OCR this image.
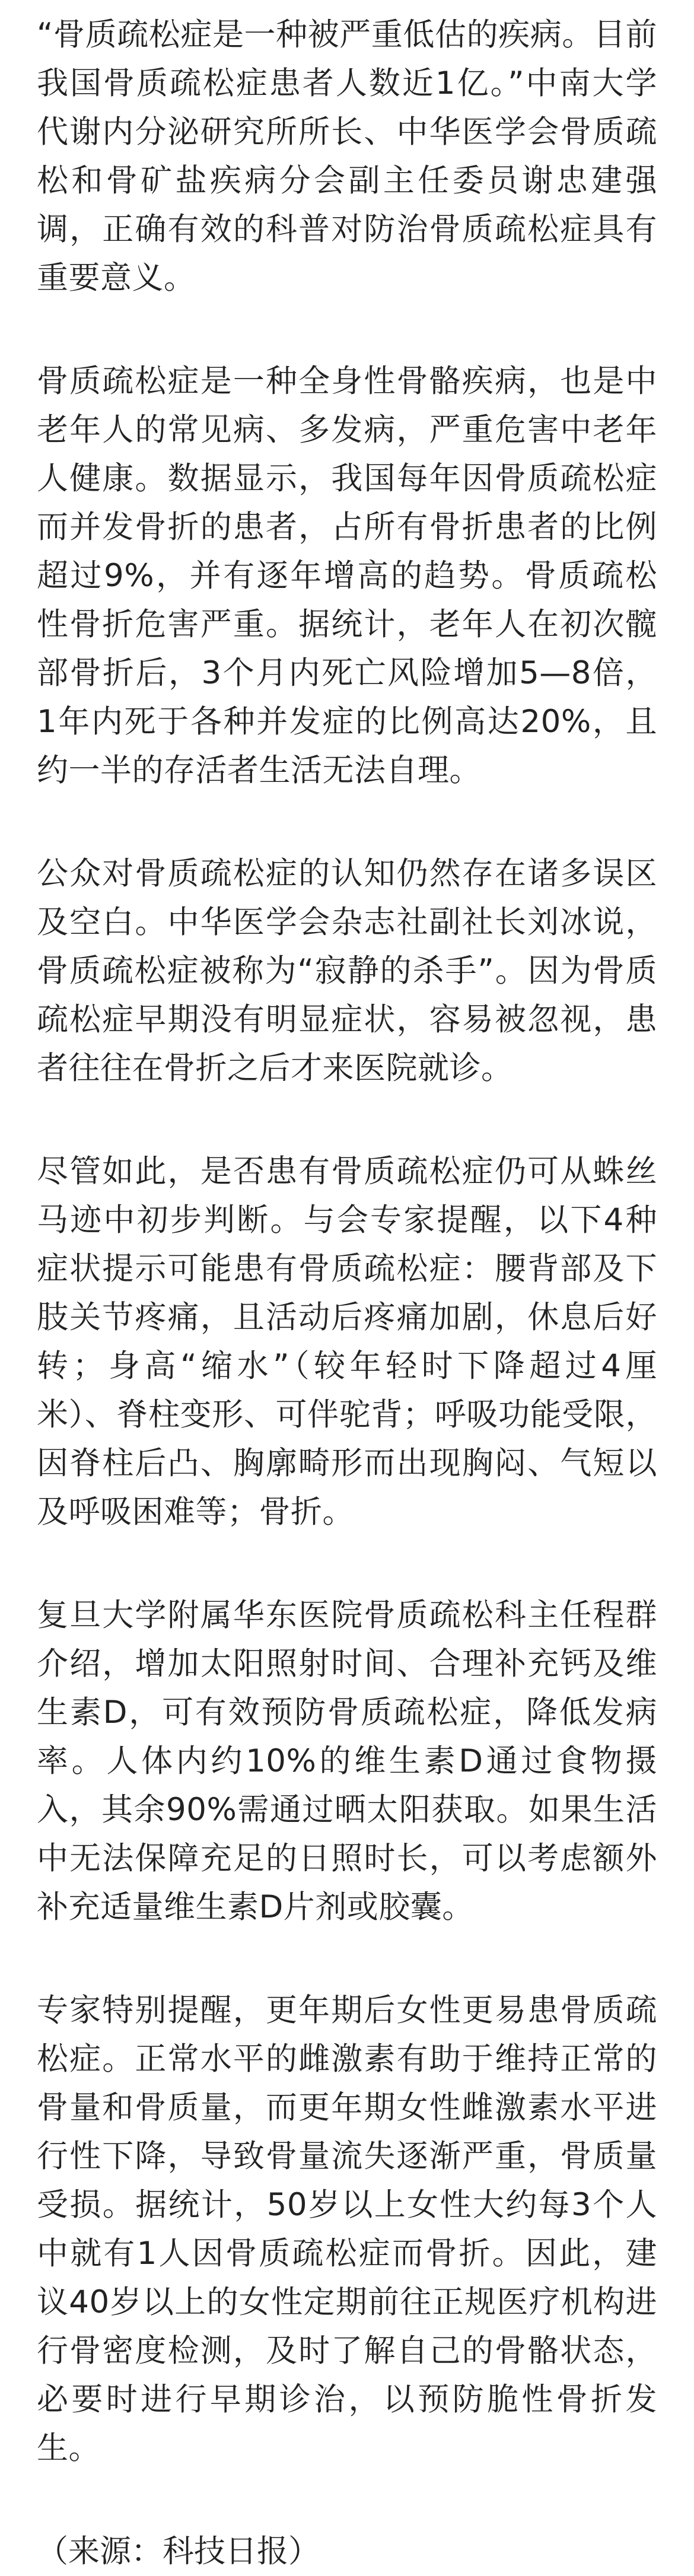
“骨质疏松症是一种被严重低估的疾病。目前我国骨质疏松症患者人数近1亿。”中南大学代谢内分泌研究所所长、中华医学会骨质疏松和骨矿盐疾病分会副主任委员谢忠建强调，正确有效的科普对防治骨质疏松症具有重要意义。

骨质疏松症是一种全身性骨骼疾病，也是中老年人的常见病、多发病，严重危害中老年人健康。数据显示，我国每年因骨质疏松症而并发骨折的患者，占所有骨折患者的比例超过9%，并有逐年增高的趋势。骨质疏松性骨折危害严重。据统计，老年人在初次髋部骨折后，3个月内死亡风险增加5—8倍，1年内死于各种并发症的比例高达20%，且约一半的存活者生活无法自理。

公众对骨质疏松症的认知仍然存在诸多误区及空白。中华医学会杂志社副社长刘冰说，骨质疏松症被称为“寂静的杀手”。因为骨质疏松症早期没有明显症状，容易被忽视，患者往往在骨折之后才来医院就诊。

尽管如此，是否患有骨质疏松症仍可从蛛丝马迹中初步判断。与会专家提醒，以下4种症状提示可能患有骨质疏松症：腰背部及下肢关节疼痛，且活动后疼痛加剧，休息后好转；身高“缩水”（较年轻时下降超过4厘米）、脊柱变形、可伴驼背；呼吸功能受限，因脊柱后凸、胸廓畸形而出现胸闷、气短以及呼吸困难等；骨折。

复旦大学附属华东医院骨质疏松科主任程群介绍，增加太阳照射时间、合理补充钙及维生素D，可有效预防骨质疏松症，降低发病率。人体内约10%的维生素D通过食物摄入，其余90%需通过晒太阳获取。如果生活中无法保障充足的日照时长，可以考虑额外补充适量维生素D片剂或胶囊。

专家特别提醒，更年期后女性更易患骨质疏松症。正常水平的雌激素有助于维持正常的骨量和骨质量，而更年期女性雌激素水平进行性下降，导致骨量流失逐渐严重，骨质量受损。据统计，50岁以上女性大约每3个人中就有1人因骨质疏松症而骨折。因此，建议40岁以上的女性定期前往正规医疗机构进行骨密度检测，及时了解自己的骨骼状态，必要时进行早期诊治，以预防脆性骨折发生。

（来源：科技日报）
